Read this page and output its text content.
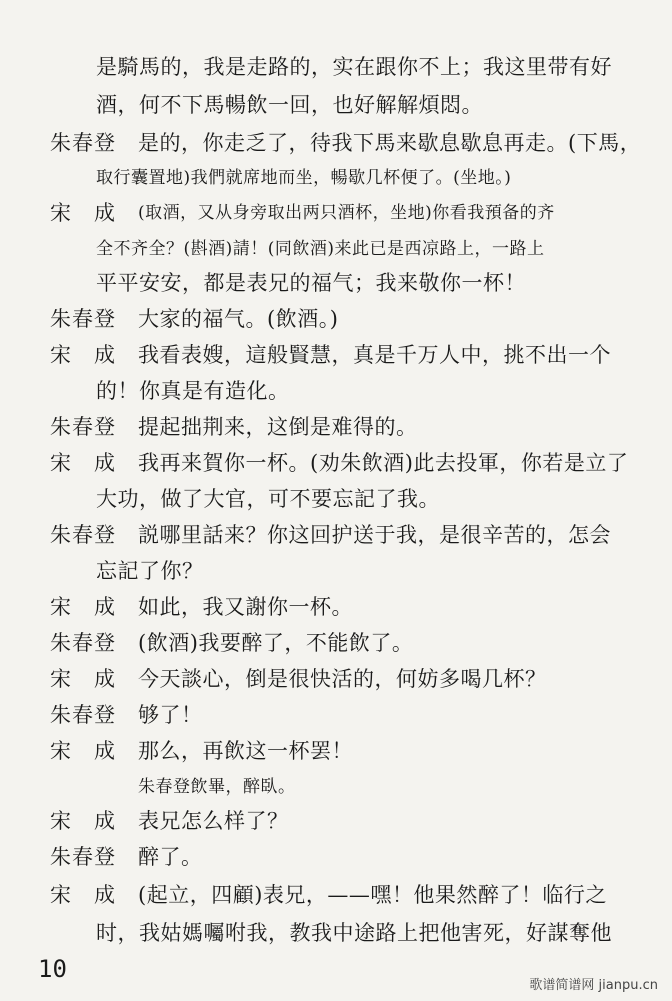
是騎馬的，我是走路的，实在跟你不上；我这里带有好
酒，何不下馬暢飲一回，也好解解煩悶。
朱春登 是的，你走乏了，待我下馬来歇息歇息再走。(下馬，
取行囊置地)我們就席地而坐，暢歇几杯便了。(坐地。)
宋　成 (取酒，又从身旁取出两只酒杯，坐地)你看我預备的齐
全不齐全？(斟酒)請！(同飲酒)来此已是西凉路上，一路上
平平安安，都是表兄的福气；我来敬你一杯！
朱春登 大家的福气。(飲酒。)
宋　成 我看表嫂，這般賢慧，真是千万人中，挑不出一个
的！你真是有造化。
朱春登 提起拙荆来，这倒是难得的。
宋　成 我再来賀你一杯。(劝朱飲酒)此去投軍，你若是立了
大功，做了大官，可不要忘記了我。
朱春登 説哪里話来？你这回护送于我，是很辛苦的，怎会
忘記了你？
宋　成 如此，我又謝你一杯。
朱春登 (飲酒)我要醉了，不能飲了。
宋　成 今天談心，倒是很快活的，何妨多喝几杯？
朱春登 够了！
宋　成 那么，再飲这一杯罢！
朱春登飲畢，醉臥。
宋　成 表兄怎么样了？
朱春登 醉了。
宋　成 (起立，四顧)表兄，——嘿！他果然醉了！临行之
时，我姑媽囑咐我，教我中途路上把他害死，好謀奪他
10
歌谱简谱网 jianpu.cn
